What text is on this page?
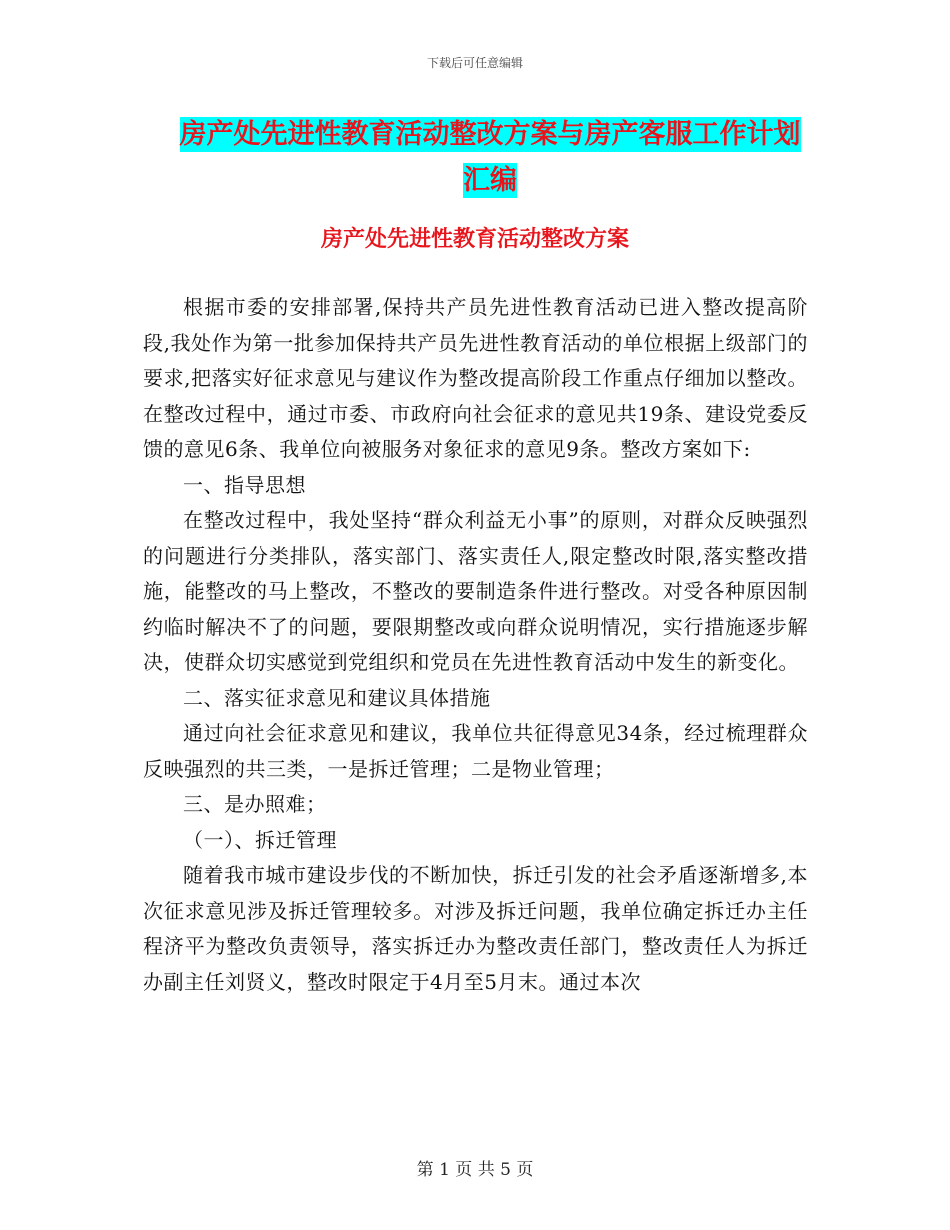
下载后可任意编辑
房产处先进性教育活动整改方案与房产客服工作计划
汇编
房产处先进性教育活动整改方案

根据市委的安排部署,保持共产员先进性教育活动已进入整改提高阶段,我处作为第一批参加保持共产员先进性教育活动的单位根据上级部门的要求,把落实好征求意见与建议作为整改提高阶段工作重点仔细加以整改。在整改过程中，通过市委、市政府向社会征求的意见共19条、建设党委反馈的意见6条、我单位向被服务对象征求的意见9条。整改方案如下:

一、指导思想

在整改过程中，我处坚持“群众利益无小事”的原则，对群众反映强烈的问题进行分类排队，落实部门、落实责任人,限定整改时限,落实整改措施，能整改的马上整改，不整改的要制造条件进行整改。对受各种原因制约临时解决不了的问题，要限期整改或向群众说明情况，实行措施逐步解决，使群众切实感觉到党组织和党员在先进性教育活动中发生的新变化。

二、落实征求意见和建议具体措施

通过向社会征求意见和建议，我单位共征得意见34条，经过梳理群众反映强烈的共三类，一是拆迁管理；二是物业管理；

三、是办照难；

（一）、拆迁管理

随着我市城市建设步伐的不断加快，拆迁引发的社会矛盾逐渐增多,本次征求意见涉及拆迁管理较多。对涉及拆迁问题，我单位确定拆迁办主任程济平为整改负责领导，落实拆迁办为整改责任部门，整改责任人为拆迁办副主任刘贤义，整改时限定于4月至5月末。通过本次

第 1 页 共 5 页
